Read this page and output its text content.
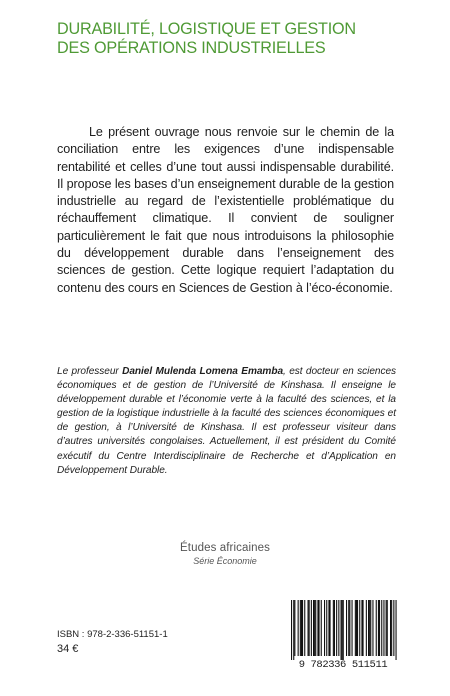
DURABILITÉ, LOGISTIQUE ET GESTION
DES OPÉRATIONS INDUSTRIELLES

Le présent ouvrage nous renvoie sur le chemin de la conciliation entre les exigences d’une indispensable rentabilité et celles d’une tout aussi indispensable durabilité. Il propose les bases d’un enseignement durable de la gestion industrielle au regard de l’existentielle problématique du réchauffement climatique. Il convient de souligner particulièrement le fait que nous introduisons la philosophie du développement durable dans l’enseignement des sciences de gestion. Cette logique requiert l’adaptation du contenu des cours en Sciences de Gestion à l’éco-économie.

Le professeur Daniel Mulenda Lomena Emamba, est docteur en sciences économiques et de gestion de l’Université de Kinshasa. Il enseigne le développement durable et l’économie verte à la faculté des sciences, et la gestion de la logistique industrielle à la faculté des sciences économiques et de gestion, à l’Université de Kinshasa. Il est professeur visiteur dans d’autres universités congolaises. Actuellement, il est président du Comité exécutif du Centre Interdisciplinaire de Recherche et d’Application en Développement Durable.

Études africaines
Série Économie
ISBN : 978-2-336-51151-1
34 €
9 782336 511511
